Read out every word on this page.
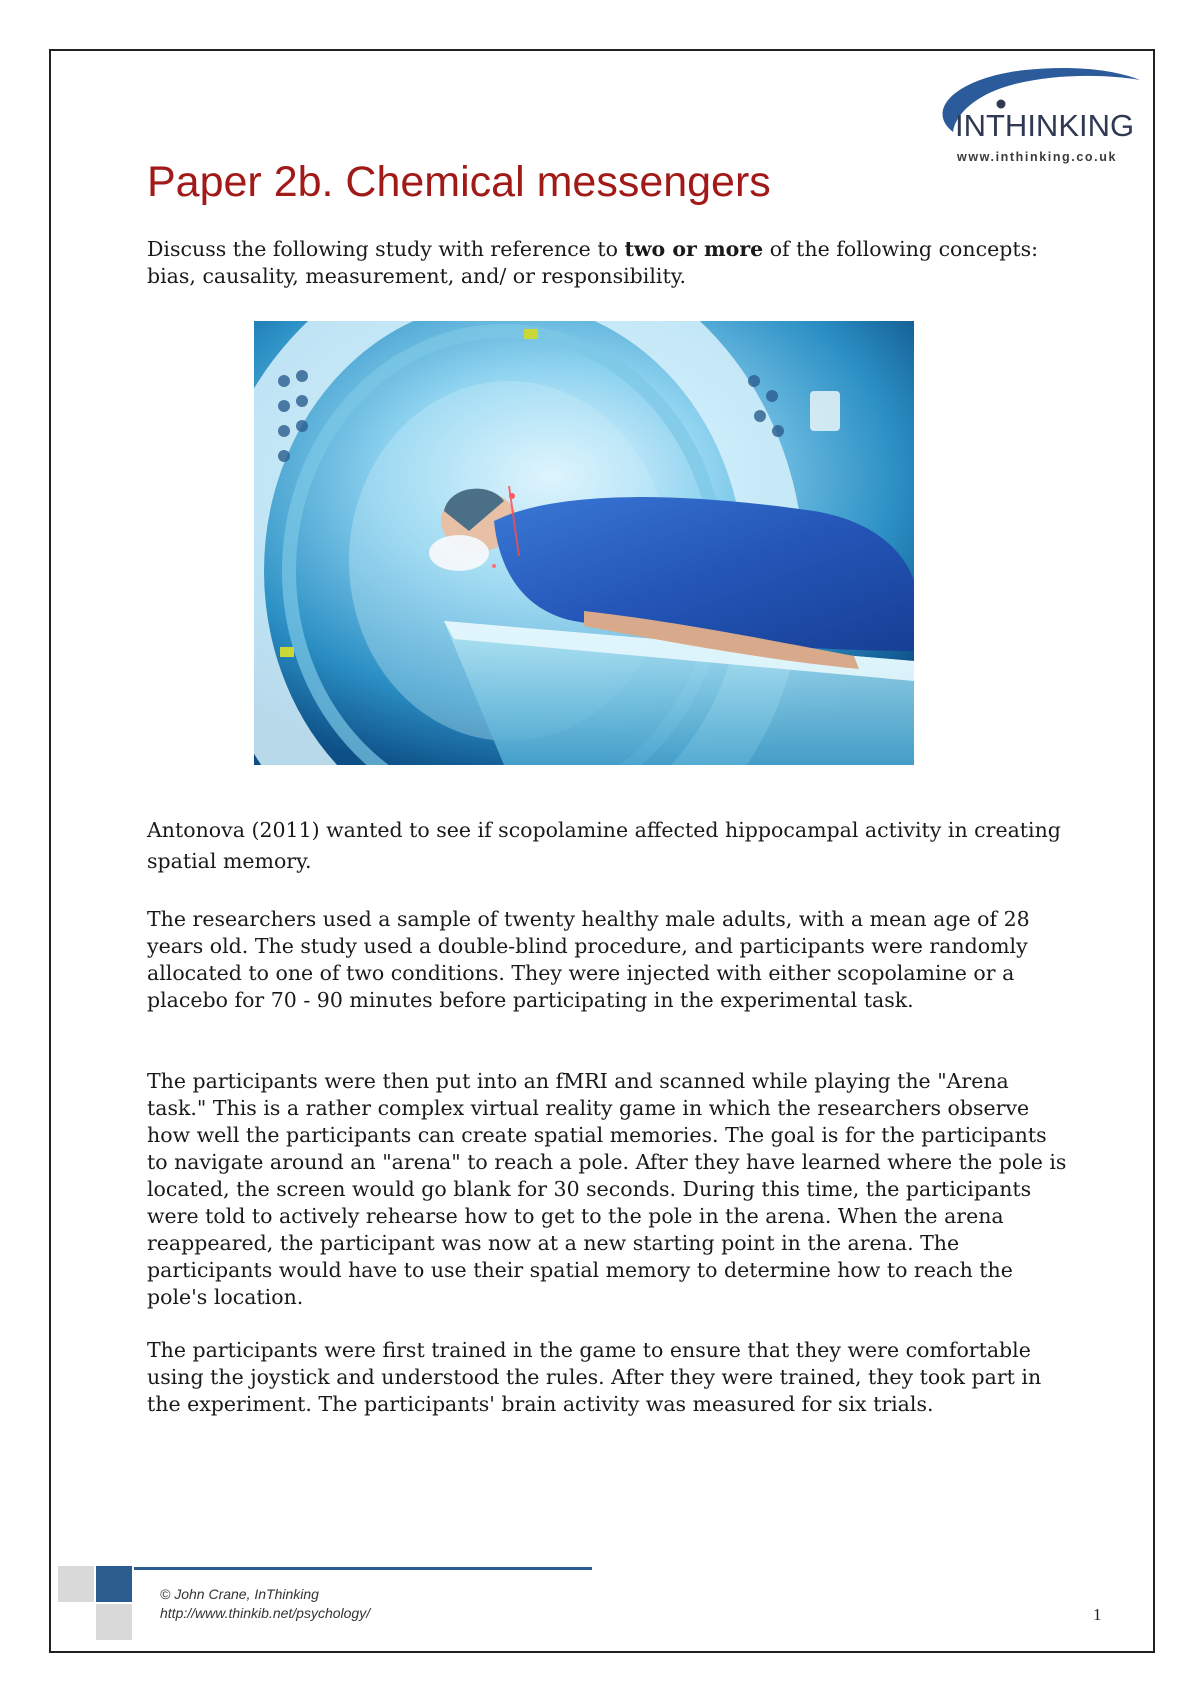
INTHINKING
www.inthinking.co.uk
Paper 2b. Chemical messengers

Discuss the following study with reference to two or more of the following concepts: bias, causality, measurement, and/ or responsibility.

Antonova (2011) wanted to see if scopolamine affected hippocampal activity in creating spatial memory.

The researchers used a sample of twenty healthy male adults, with a mean age of 28 years old. The study used a double-blind procedure, and participants were randomly allocated to one of two conditions. They were injected with either scopolamine or a placebo for 70 - 90 minutes before participating in the experimental task.

The participants were then put into an fMRI and scanned while playing the "Arena task." This is a rather complex virtual reality game in which the researchers observe how well the participants can create spatial memories. The goal is for the participants to navigate around an "arena" to reach a pole. After they have learned where the pole is located, the screen would go blank for 30 seconds. During this time, the participants were told to actively rehearse how to get to the pole in the arena. When the arena reappeared, the participant was now at a new starting point in the arena. The participants would have to use their spatial memory to determine how to reach the pole's location.

The participants were first trained in the game to ensure that they were comfortable using the joystick and understood the rules. After they were trained, they took part in the experiment. The participants' brain activity was measured for six trials.

© John Crane, InThinking
http://www.thinkib.net/psychology/	1
